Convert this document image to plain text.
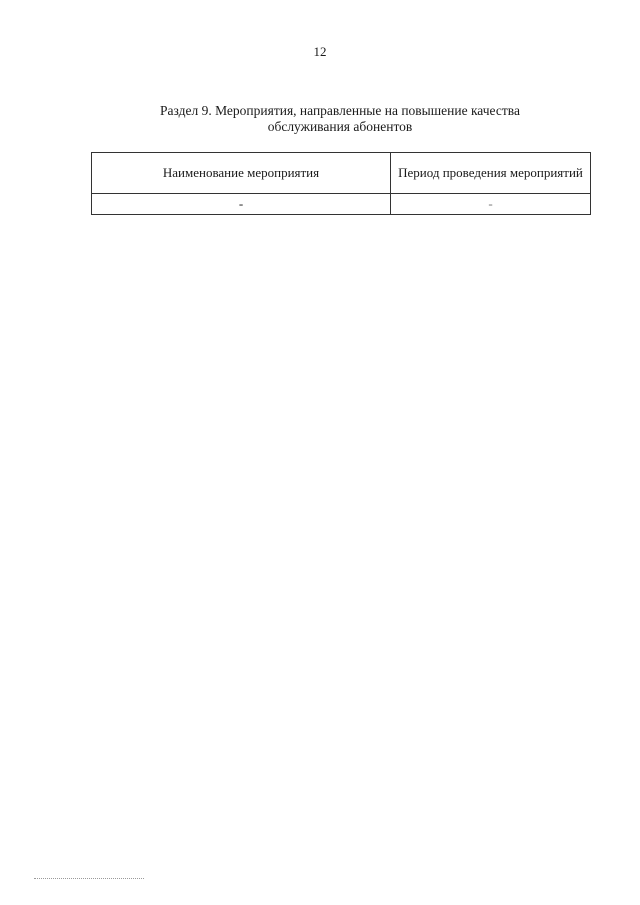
12
Раздел 9. Мероприятия, направленные на повышение качества
обслуживания абонентов
Наименование мероприятия	Период проведения мероприятий
-	-
